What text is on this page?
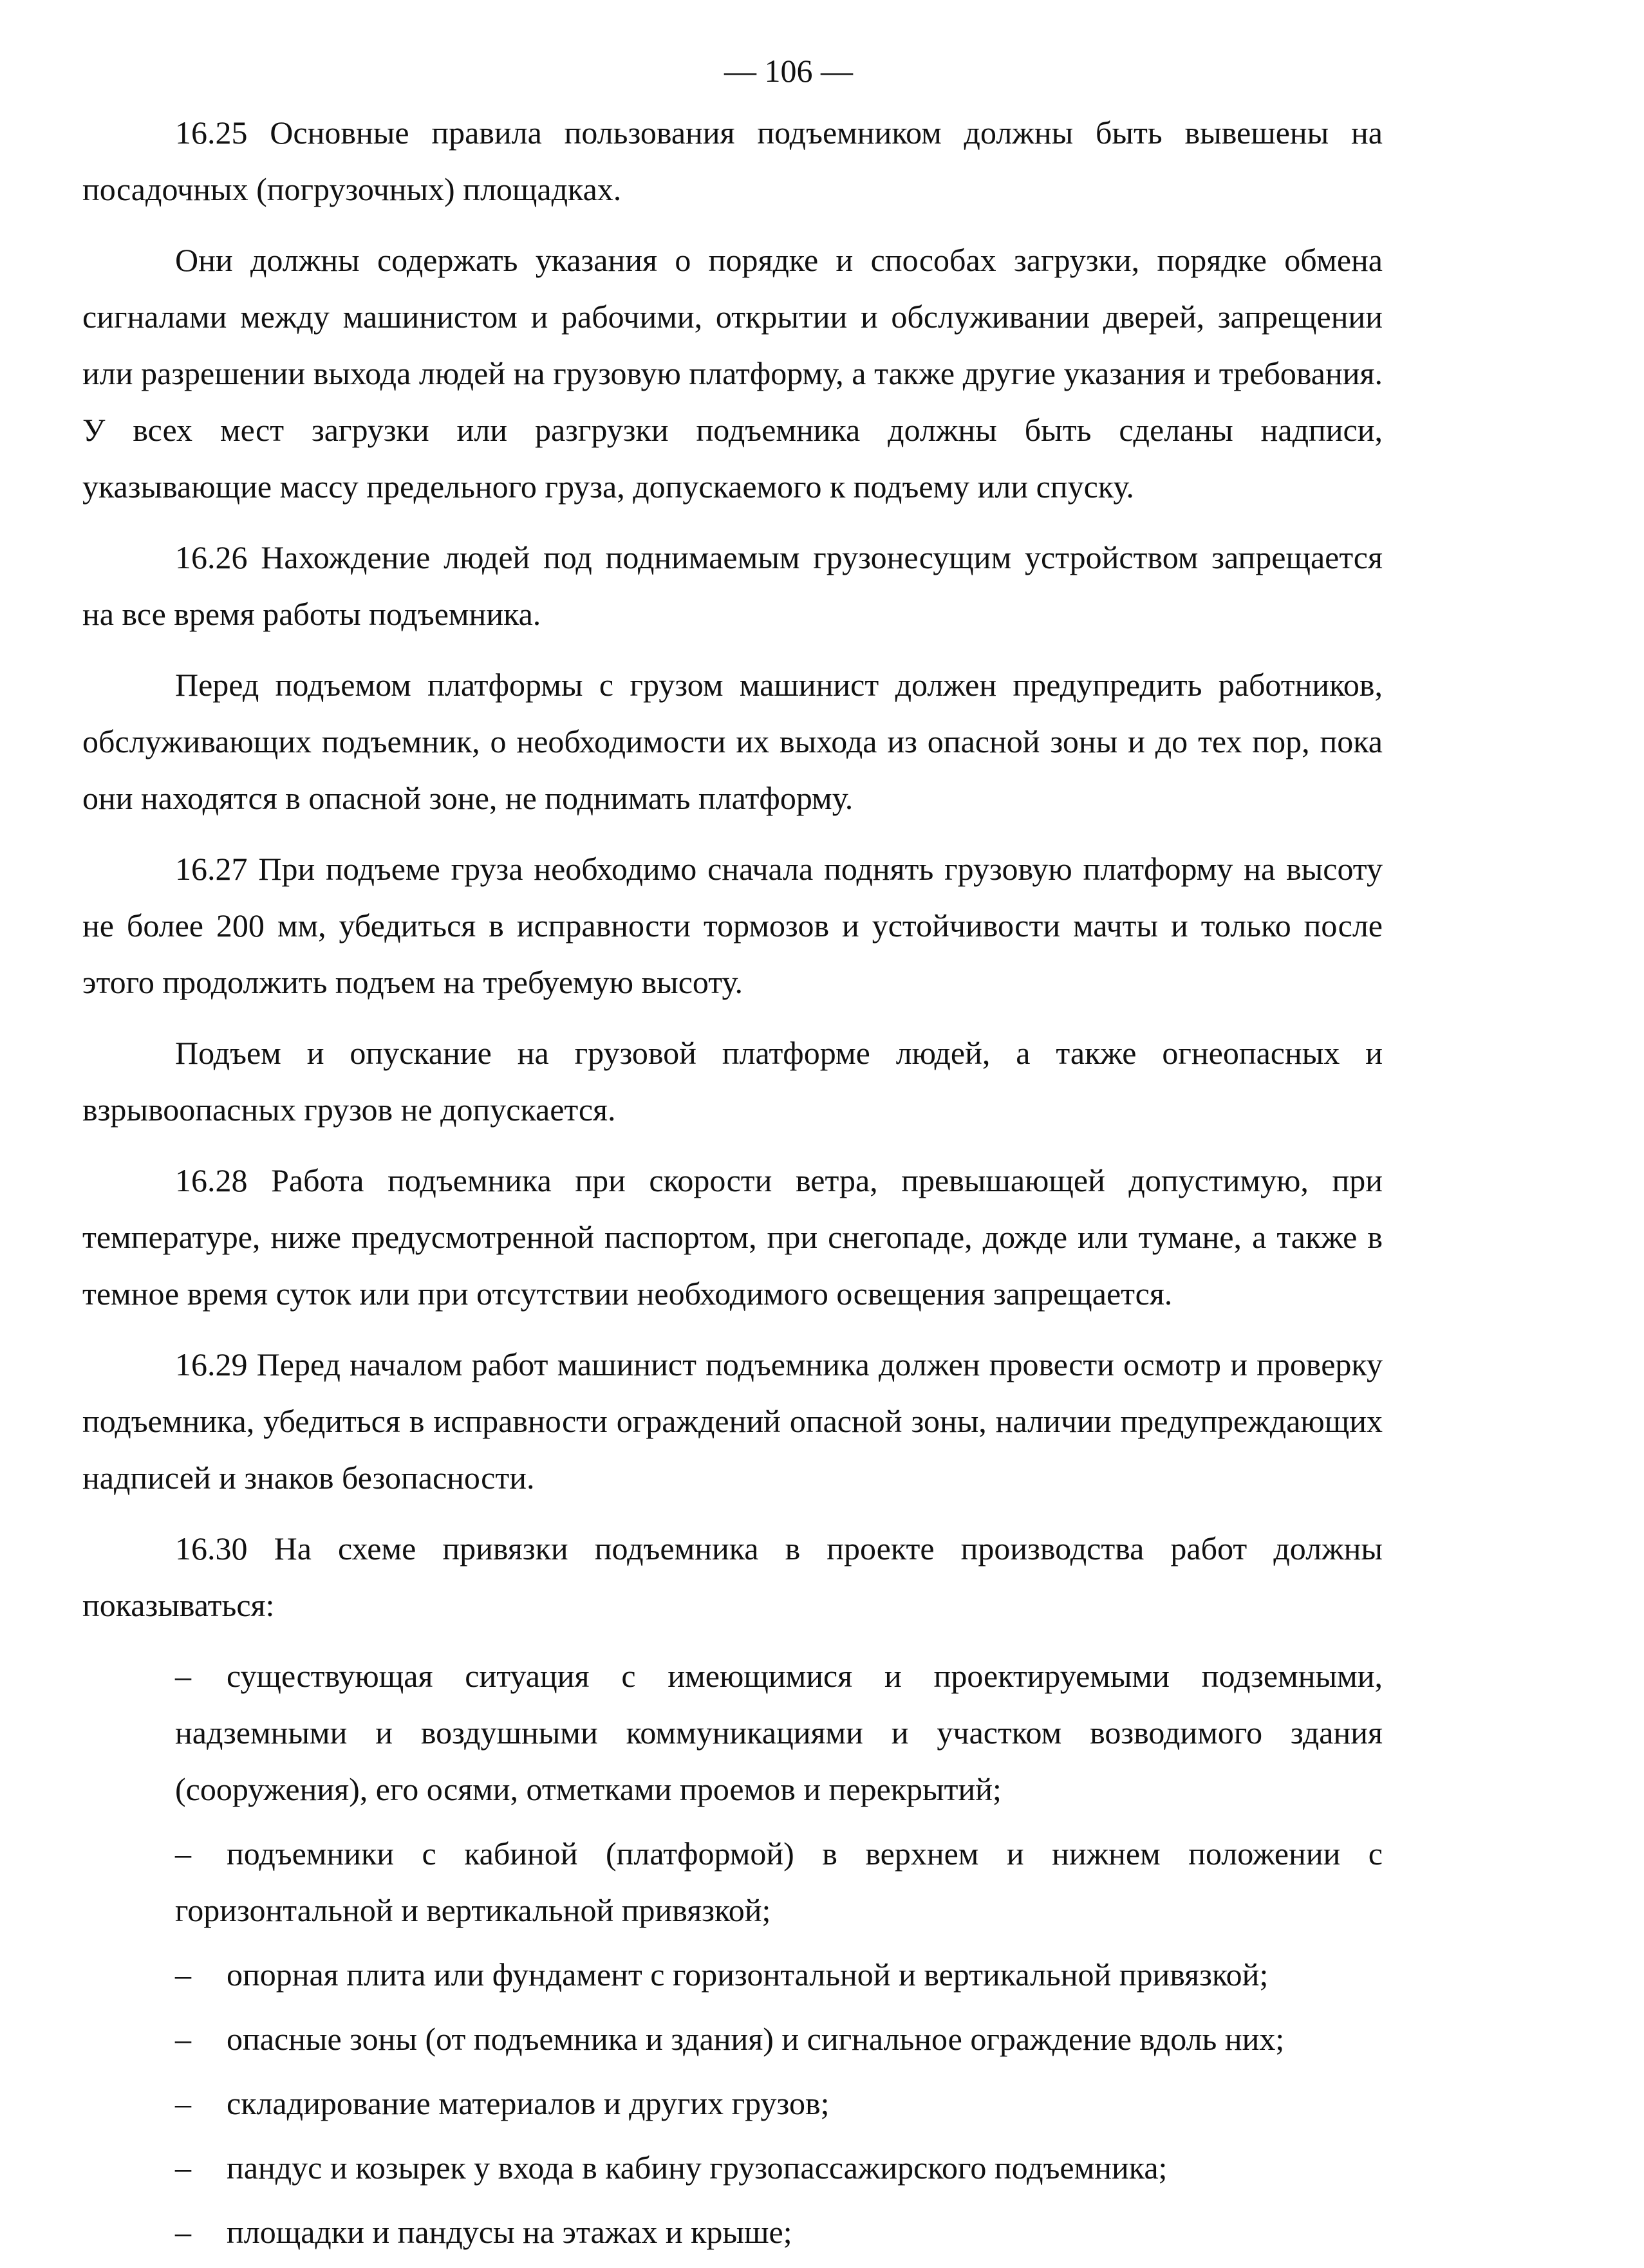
— 106 —

16.25 Основные правила пользования подъемником должны быть вывешены на посадочных (погрузочных) площадках.

Они должны содержать указания о порядке и способах загрузки, порядке обмена сигналами между машинистом и рабочими, открытии и обслуживании дверей, запрещении или разрешении выхода людей на грузовую платформу, а также другие указания и требования. У всех мест загрузки или разгрузки подъемника должны быть сделаны надписи, указывающие массу предельного груза, допускаемого к подъему или спуску.

16.26 Нахождение людей под поднимаемым грузонесущим устройством запрещается на все время работы подъемника.

Перед подъемом платформы с грузом машинист должен предупредить работников, обслуживающих подъемник, о необходимости их выхода из опасной зоны и до тех пор, пока они находятся в опасной зоне, не поднимать платформу.

16.27 При подъеме груза необходимо сначала поднять грузовую платформу на высоту не более 200 мм, убедиться в исправности тормозов и устойчивости мачты и только после этого продолжить подъем на требуемую высоту.

Подъем и опускание на грузовой платформе людей, а также огнеопасных и взрывоопасных грузов не допускается.

16.28 Работа подъемника при скорости ветра, превышающей допустимую, при температуре, ниже предусмотренной паспортом, при снегопаде, дожде или тумане, а также в темное время суток или при отсутствии необходимого освещения запрещается.

16.29 Перед началом работ машинист подъемника должен провести осмотр и проверку подъемника, убедиться в исправности ограждений опасной зоны, наличии предупреждающих надписей и знаков безопасности.

16.30 На схеме привязки подъемника в проекте производства работ должны показываться:

–	существующая ситуация с имеющимися и проектируемыми подземными, надземными и воздушными коммуникациями и участком возводимого здания (сооружения), его осями, отметками проемов и перекрытий;

–	подъемники с кабиной (платформой) в верхнем и нижнем положении с горизонтальной и вертикальной привязкой;

–	опорная плита или фундамент с горизонтальной и вертикальной привязкой;

–	опасные зоны (от подъемника и здания) и сигнальное ограждение вдоль них;

–	складирование материалов и других грузов;

–	пандус и козырек у входа в кабину грузопассажирского подъемника;

–	площадки и пандусы на этажах и крыше;
